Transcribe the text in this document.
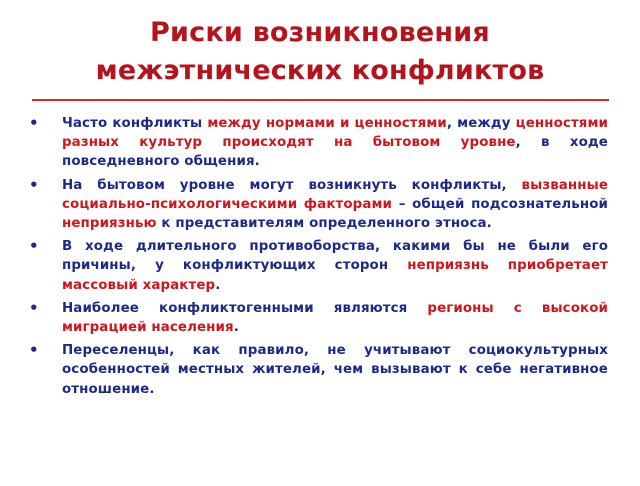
Риски возникновения
межэтнических конфликтов
• Часто конфликты между нормами и ценностями, между ценностями разных культур происходят на бытовом уровне, в ходе повседневного общения.
• На бытовом уровне могут возникнуть конфликты, вызванные социально-психологическими факторами – общей подсознательной неприязнью к представителям определенного этноса.
• В ходе длительного противоборства, какими бы не были его причины, у конфликтующих сторон неприязнь приобретает массовый характер.
• Наиболее конфликтогенными являются регионы с высокой миграцией населения.
• Переселенцы, как правило, не учитывают социокультурных особенностей местных жителей, чем вызывают к себе негативное отношение.
